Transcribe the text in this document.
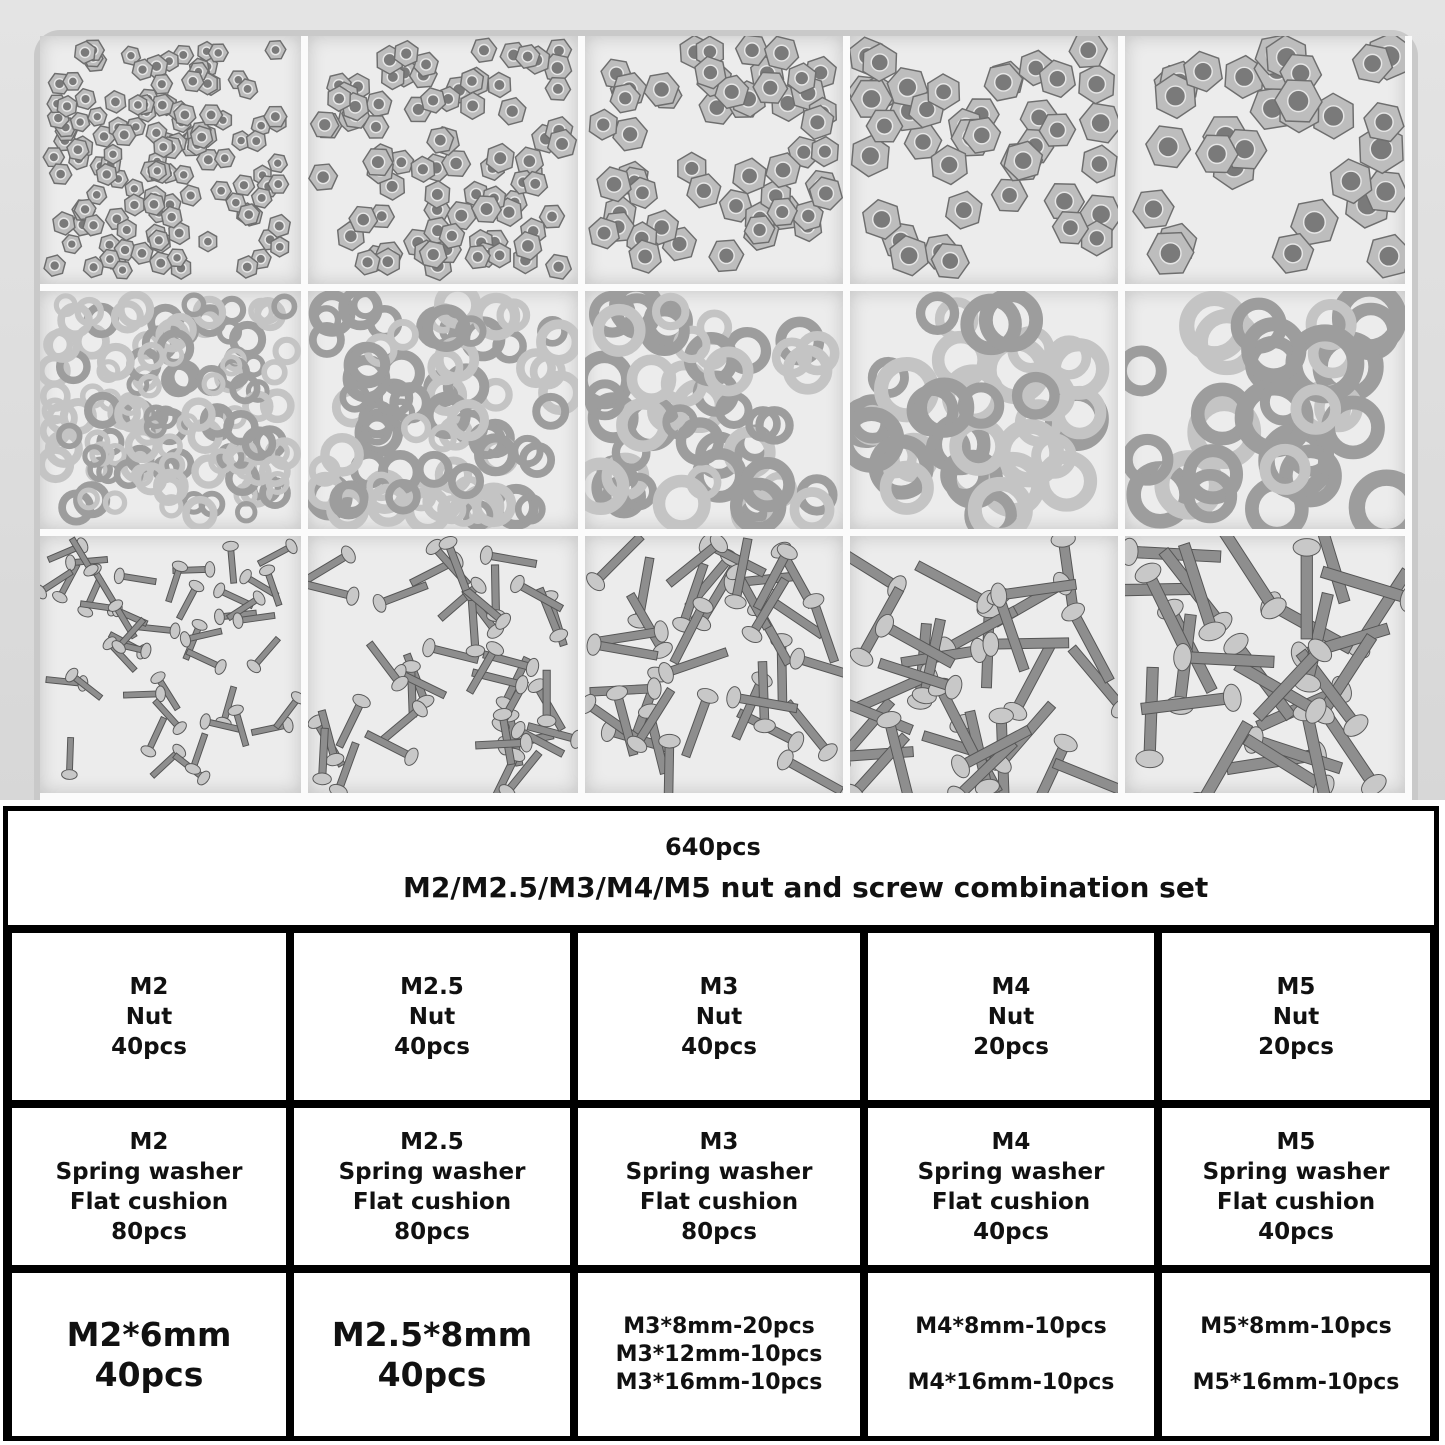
640pcs
M2/M2.5/M3/M4/M5 nut and screw combination set
M2
Nut
40pcs
M2.5
Nut
40pcs
M3
Nut
40pcs
M4
Nut
20pcs
M5
Nut
20pcs
M2
Spring washer
Flat cushion
80pcs
M2.5
Spring washer
Flat cushion
80pcs
M3
Spring washer
Flat cushion
80pcs
M4
Spring washer
Flat cushion
40pcs
M5
Spring washer
Flat cushion
40pcs
M2*6mm
40pcs
M2.5*8mm
40pcs
M3*8mm-20pcs
M3*12mm-10pcs
M3*16mm-10pcs
M4*8mm-10pcs
M4*16mm-10pcs
M5*8mm-10pcs
M5*16mm-10pcs
